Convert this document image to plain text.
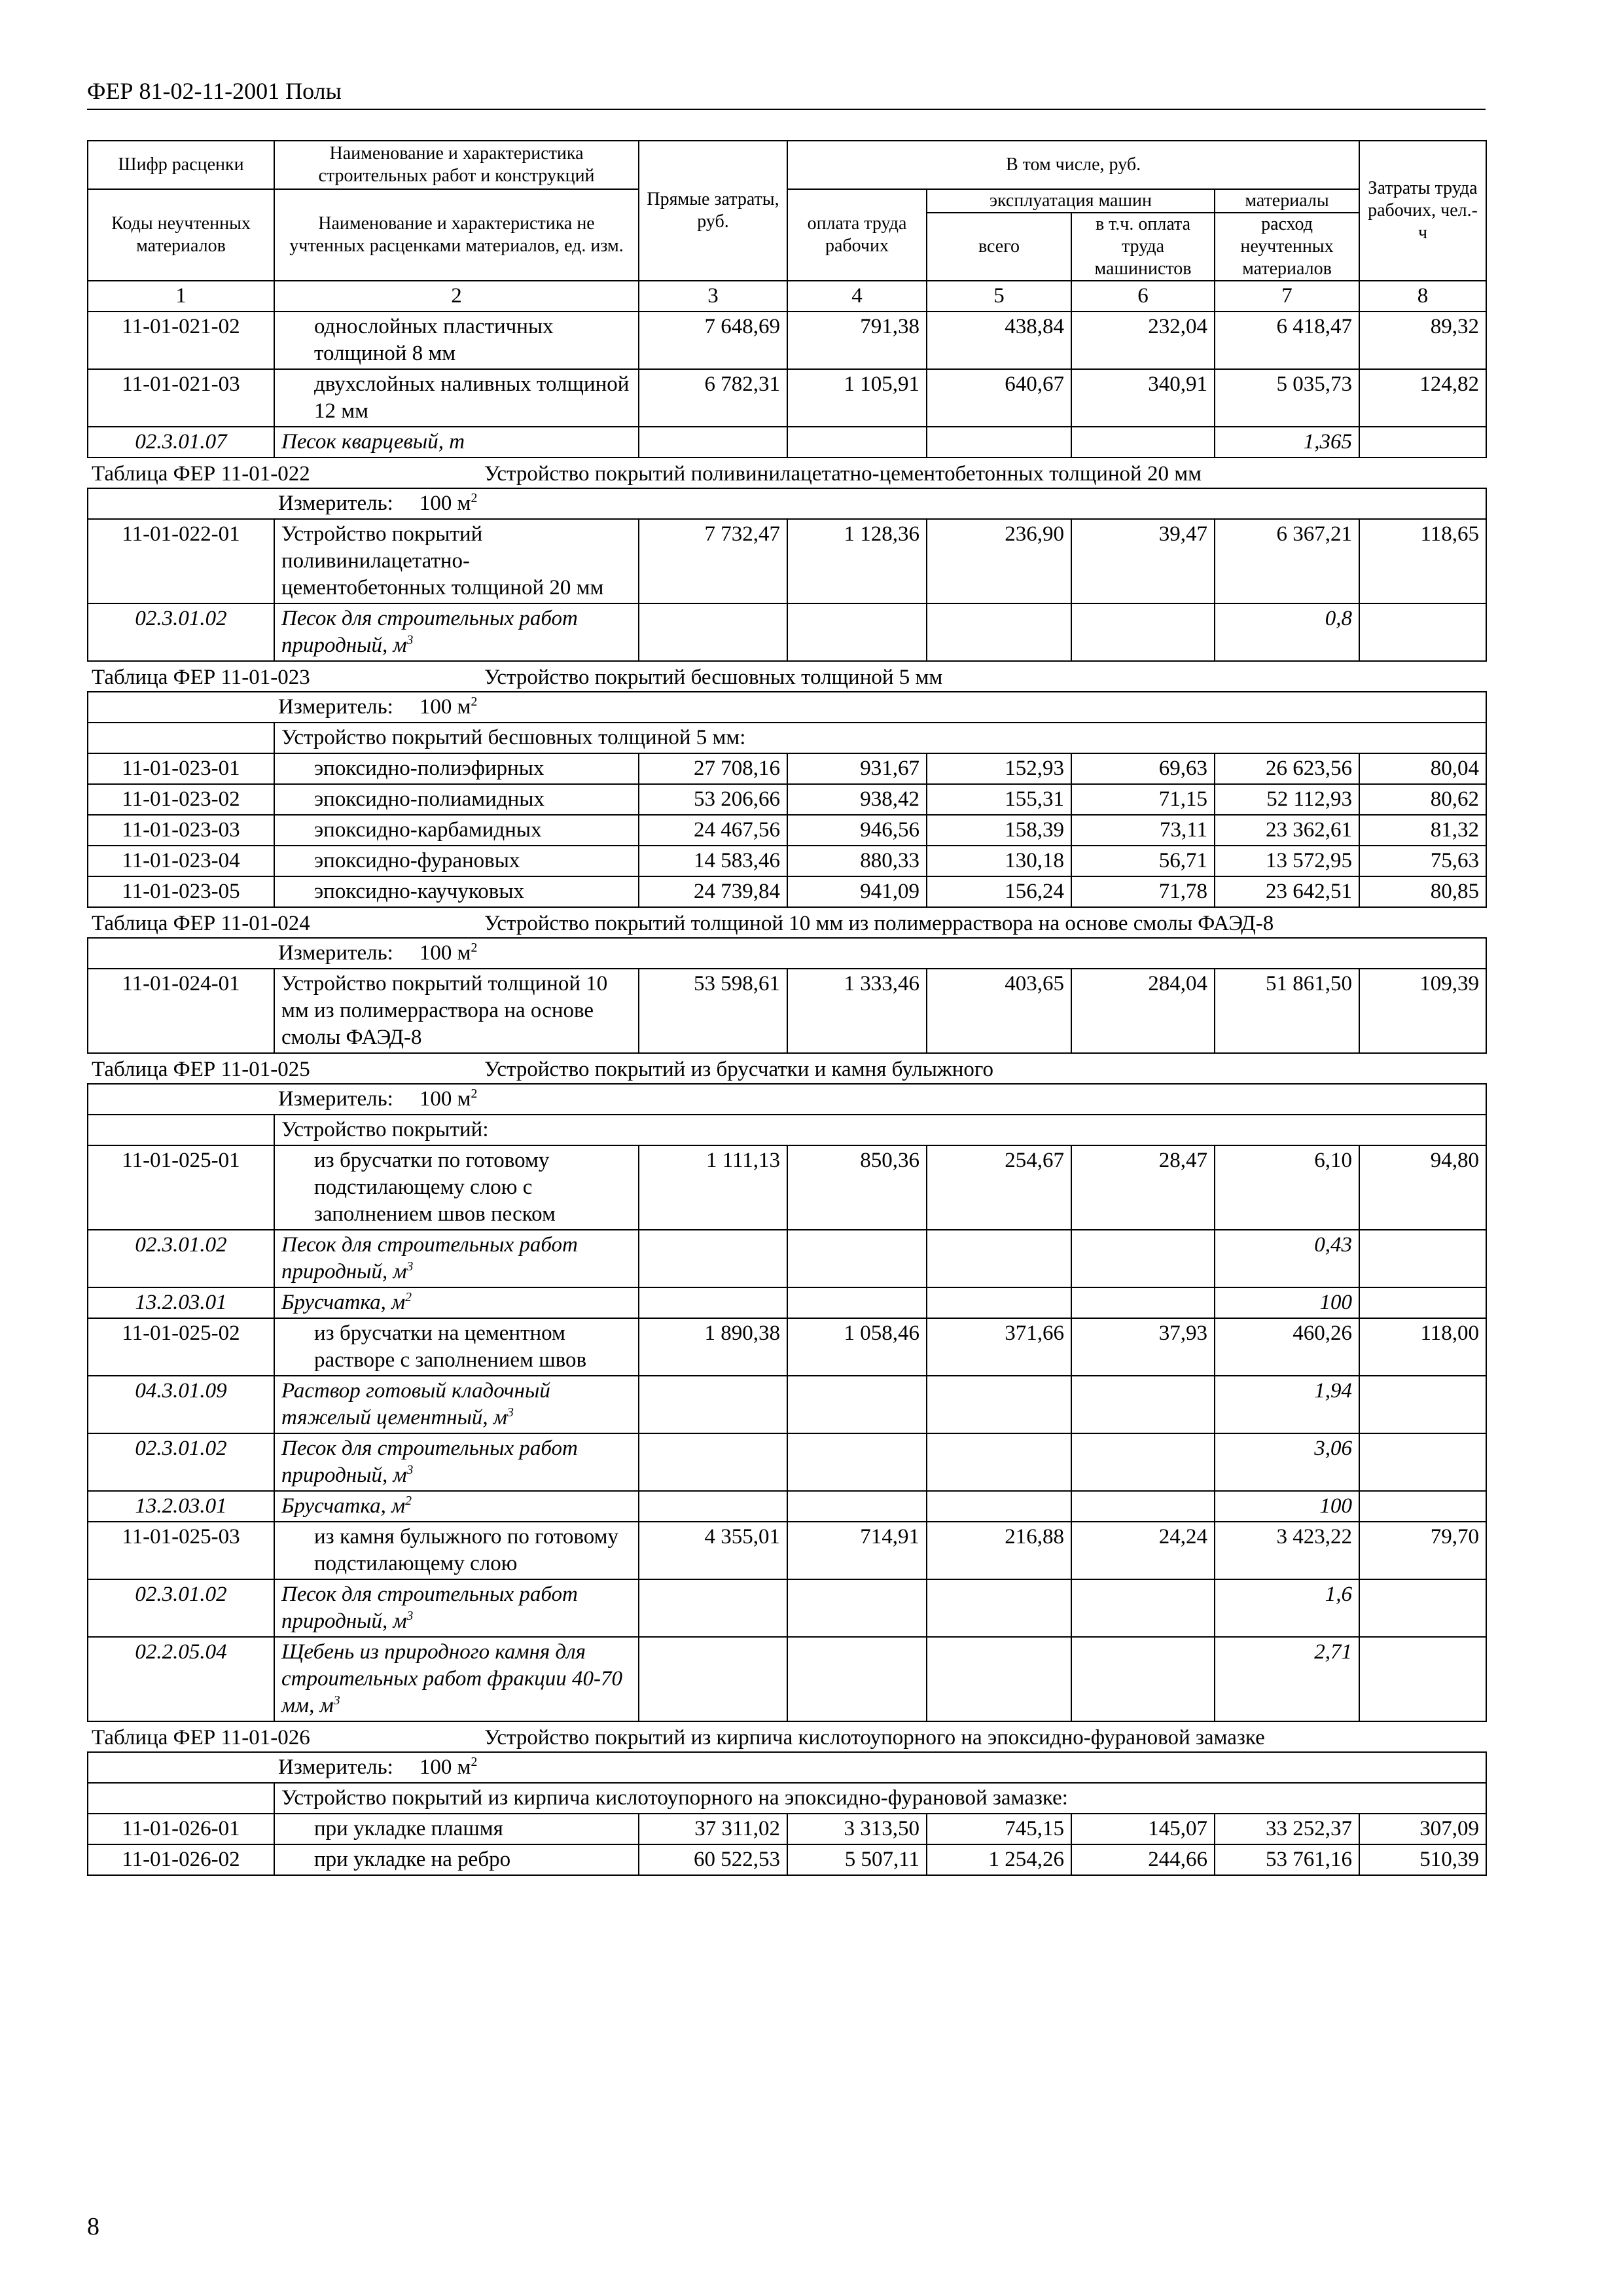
ФЕР 81-02-11-2001 Полы
Шифр расценки	Наименование и характеристика строительных работ и конструкций	Прямые затраты, руб.	В том числе, руб.				Затраты труда рабочих, чел.-ч
Коды неучтенных материалов	Наименование и характеристика не учтенных расценками материалов, ед. изм.		оплата труда рабочих	эксплуатация машин		материалы	
				всего	в т.ч. оплата труда машинистов	расход неучтенных материалов	
1	2	3	4	5	6	7	8
11-01-021-02	однослойных пластичных толщиной 8 мм	7 648,69	791,38	438,84	232,04	6 418,47	89,32
11-01-021-03	двухслойных наливных толщиной 12 мм	6 782,31	1 105,91	640,67	340,91	5 035,73	124,82
02.3.01.07	Песок кварцевый, т					1,365	
Таблица ФЕР 11-01-022 Устройство покрытий поливинилацетатно-цементобетонных толщиной 20 мм							
Измеритель: 100 $м^2$
11-01-022-01	Устройство покрытий поливинилацетатно-цементобетонных толщиной 20 мм	7 732,47	1 128,36	236,90	39,47	6 367,21	118,65
02.3.01.02	Песок для строительных работ природный, $м^3$					0,8	
Таблица ФЕР 11-01-023 Устройство покрытий бесшовных толщиной 5 мм							
Измеритель: 100 $м^2$
	Устройство покрытий бесшовных толщиной 5 мм:						
11-01-023-01	эпоксидно-полиэфирных	27 708,16	931,67	152,93	69,63	26 623,56	80,04
11-01-023-02	эпоксидно-полиамидных	53 206,66	938,42	155,31	71,15	52 112,93	80,62
11-01-023-03	эпоксидно-карбамидных	24 467,56	946,56	158,39	73,11	23 362,61	81,32
11-01-023-04	эпоксидно-фурановых	14 583,46	880,33	130,18	56,71	13 572,95	75,63
11-01-023-05	эпоксидно-каучуковых	24 739,84	941,09	156,24	71,78	23 642,51	80,85
Таблица ФЕР 11-01-024 Устройство покрытий толщиной 10 мм из полимерраствора на основе смолы ФАЭД-8							
Измеритель: 100 $м^2$
11-01-024-01	Устройство покрытий толщиной 10 мм из полимерраствора на основе смолы ФАЭД-8	53 598,61	1 333,46	403,65	284,04	51 861,50	109,39
Таблица ФЕР 11-01-025 Устройство покрытий из брусчатки и камня булыжного							
Измеритель: 100 $м^2$
	Устройство покрытий:						
11-01-025-01	из брусчатки по готовому подстилающему слою с заполнением швов песком	1 111,13	850,36	254,67	28,47	6,10	94,80
02.3.01.02	Песок для строительных работ природный, $м^3$					0,43	
13.2.03.01	Брусчатка, $м^2$					100	
11-01-025-02	из брусчатки на цементном растворе с заполнением швов	1 890,38	1 058,46	371,66	37,93	460,26	118,00
04.3.01.09	Раствор готовый кладочный тяжелый цементный, $м^3$					1,94	
02.3.01.02	Песок для строительных работ природный, $м^3$					3,06	
13.2.03.01	Брусчатка, $м^2$					100	
11-01-025-03	из камня булыжного по готовому подстилающему слою	4 355,01	714,91	216,88	24,24	3 423,22	79,70
02.3.01.02	Песок для строительных работ природный, $м^3$					1,6	
02.2.05.04	Щебень из природного камня для строительных работ фракции 40-70 мм, $м^3$					2,71	
Таблица ФЕР 11-01-026 Устройство покрытий из кирпича кислотоупорного на эпоксидно-фурановой замазке							
Измеритель: 100 $м^2$
	Устройство покрытий из кирпича кислотоупорного на эпоксидно-фурановой замазке:						
11-01-026-01	при укладке плашмя	37 311,02	3 313,50	745,15	145,07	33 252,37	307,09
11-01-026-02	при укладке на ребро	60 522,53	5 507,11	1 254,26	244,66	53 761,16	510,39
8
